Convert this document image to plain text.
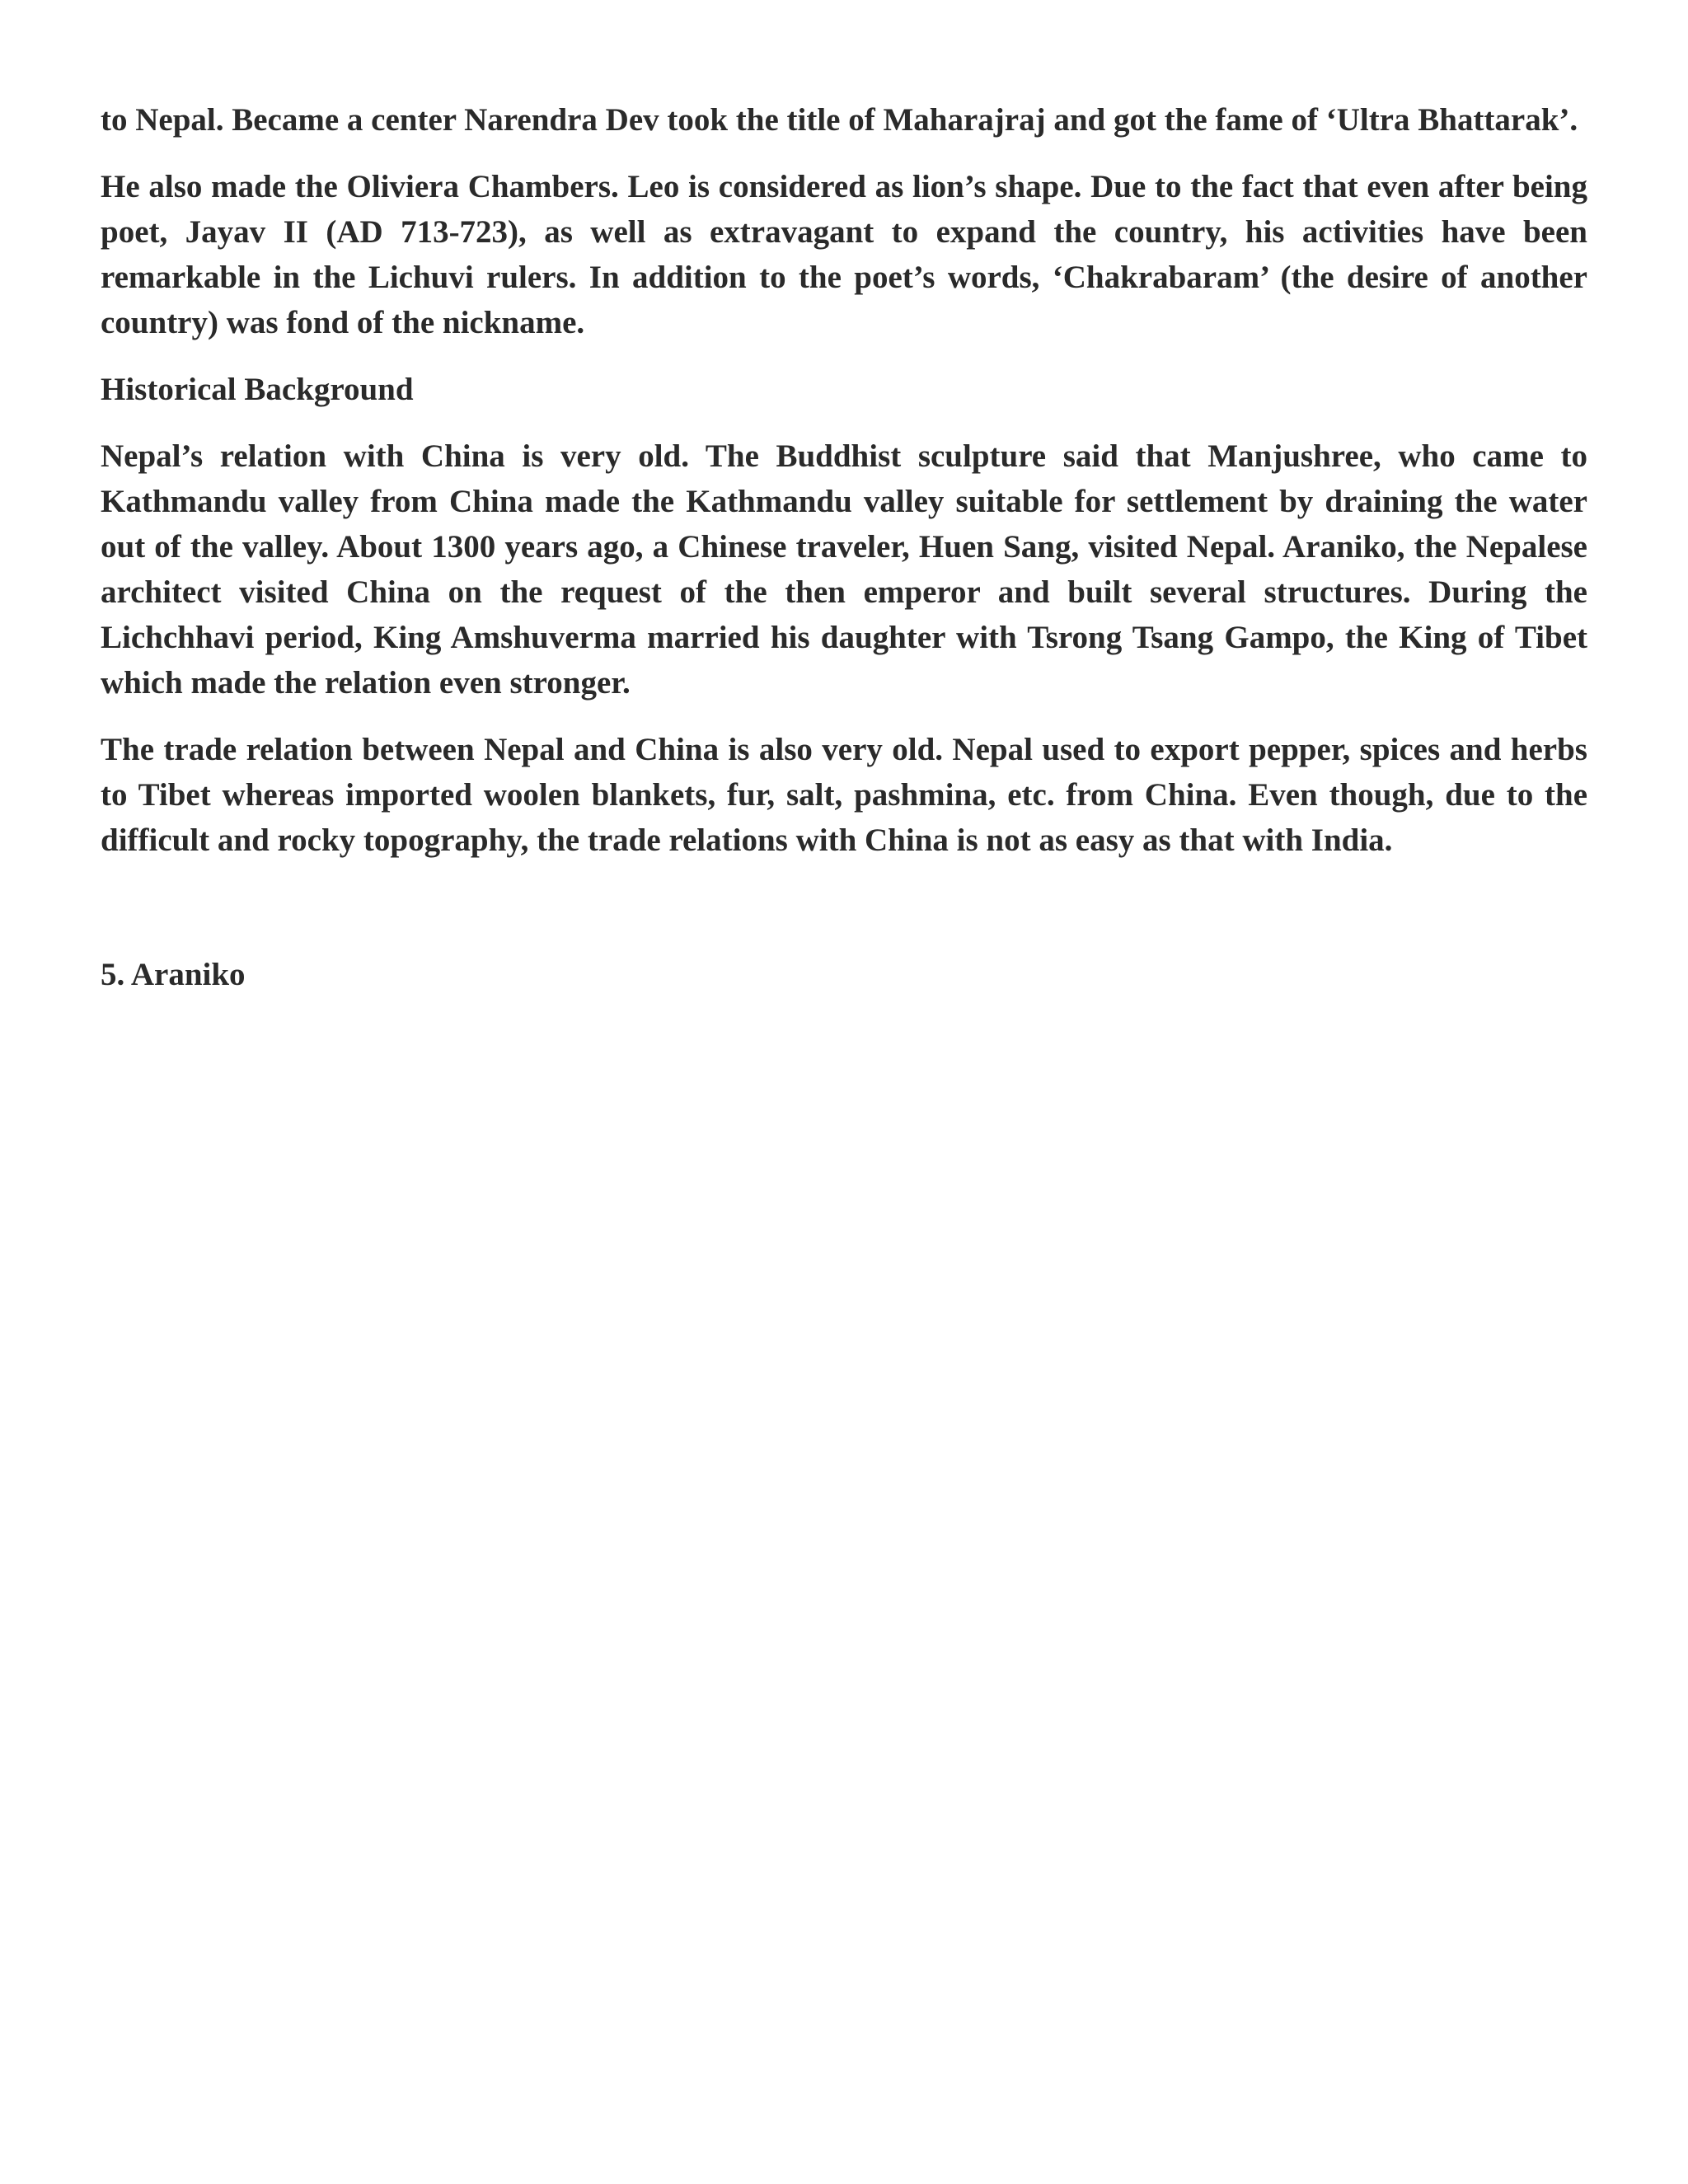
to Nepal. Became a center Narendra Dev took the title of Maharajraj and got the fame of ‘Ultra Bhattarak’.

He also made the Oliviera Chambers. Leo is considered as lion’s shape. Due to the fact that even after being poet, Jayav II (AD 713-723), as well as extravagant to expand the country, his activities have been remarkable in the Lichuvi rulers. In addition to the poet’s words, ‘Chakrabaram’ (the desire of another country) was fond of the nickname.

Historical Background

Nepal’s relation with China is very old. The Buddhist sculpture said that Manjushree, who came to Kathmandu valley from China made the Kathmandu valley suitable for settlement by draining the water out of the valley. About 1300 years ago, a Chinese traveler, Huen Sang, visited Nepal. Araniko, the Nepalese architect visited China on the request of the then emperor and built several structures. During the Lichchhavi period, King Amshuverma married his daughter with Tsrong Tsang Gampo, the King of Tibet which made the relation even stronger.

The trade relation between Nepal and China is also very old. Nepal used to export pepper, spices and herbs to Tibet whereas imported woolen blankets, fur, salt, pashmina, etc. from China. Even though, due to the difficult and rocky topography, the trade relations with China is not as easy as that with India.

5. Araniko
